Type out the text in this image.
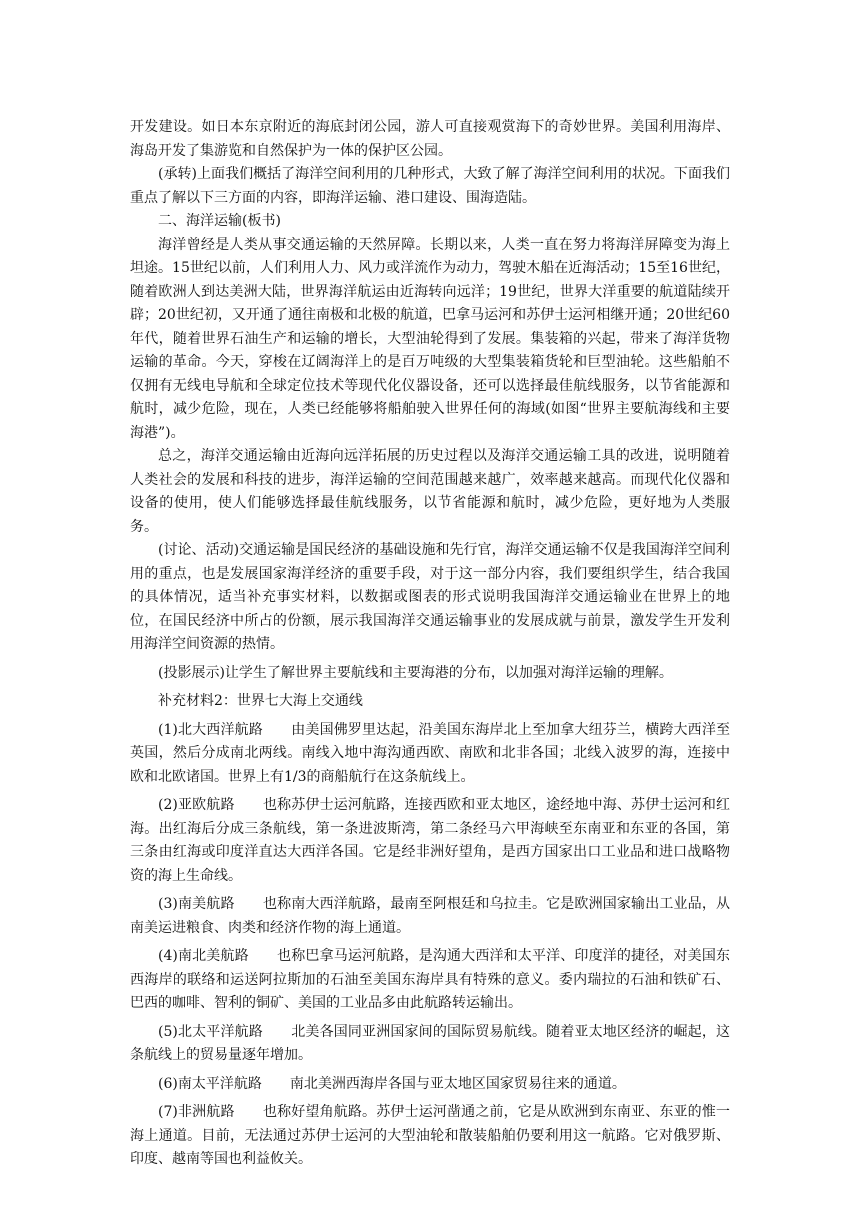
开发建设。如日本东京附近的海底封闭公园，游人可直接观赏海下的奇妙世界。美国利用海岸、海岛开发了集游览和自然保护为一体的保护区公园。

(承转)上面我们概括了海洋空间利用的几种形式，大致了解了海洋空间利用的状况。下面我们重点了解以下三方面的内容，即海洋运输、港口建设、围海造陆。

二、海洋运输(板书)

海洋曾经是人类从事交通运输的天然屏障。长期以来，人类一直在努力将海洋屏障变为海上坦途。15世纪以前，人们利用人力、风力或洋流作为动力，驾驶木船在近海活动；15至16世纪，随着欧洲人到达美洲大陆，世界海洋航运由近海转向远洋；19世纪，世界大洋重要的航道陆续开辟；20世纪初，又开通了通往南极和北极的航道，巴拿马运河和苏伊士运河相继开通；20世纪60年代，随着世界石油生产和运输的增长，大型油轮得到了发展。集装箱的兴起，带来了海洋货物运输的革命。今天，穿梭在辽阔海洋上的是百万吨级的大型集装箱货轮和巨型油轮。这些船舶不仅拥有无线电导航和全球定位技术等现代化仪器设备，还可以选择最佳航线服务，以节省能源和航时，减少危险，现在，人类已经能够将船舶驶入世界任何的海域(如图“世界主要航海线和主要海港”)。

总之，海洋交通运输由近海向远洋拓展的历史过程以及海洋交通运输工具的改进，说明随着人类社会的发展和科技的进步，海洋运输的空间范围越来越广，效率越来越高。而现代化仪器和设备的使用，使人们能够选择最佳航线服务，以节省能源和航时，减少危险，更好地为人类服务。

(讨论、活动)交通运输是国民经济的基础设施和先行官，海洋交通运输不仅是我国海洋空间利用的重点，也是发展国家海洋经济的重要手段，对于这一部分内容，我们要组织学生，结合我国的具体情况，适当补充事实材料，以数据或图表的形式说明我国海洋交通运输业在世界上的地位，在国民经济中所占的份额，展示我国海洋交通运输事业的发展成就与前景，激发学生开发利用海洋空间资源的热情。

(投影展示)让学生了解世界主要航线和主要海港的分布，以加强对海洋运输的理解。

补充材料2：世界七大海上交通线

(1)北大西洋航路　　 由美国佛罗里达起，沿美国东海岸北上至加拿大纽芬兰，横跨大西洋至英国，然后分成南北两线。南线入地中海沟通西欧、南欧和北非各国；北线入波罗的海，连接中欧和北欧诸国。世界上有1/3的商船航行在这条航线上。

(2)亚欧航路　　 也称苏伊士运河航路，连接西欧和亚太地区，途经地中海、苏伊士运河和红海。出红海后分成三条航线，第一条进波斯湾，第二条经马六甲海峡至东南亚和东亚的各国，第三条由红海或印度洋直达大西洋各国。它是经非洲好望角，是西方国家出口工业品和进口战略物资的海上生命线。

(3)南美航路　　 也称南大西洋航路，最南至阿根廷和乌拉圭。它是欧洲国家输出工业品，从南美运进粮食、肉类和经济作物的海上通道。

(4)南北美航路　　 也称巴拿马运河航路，是沟通大西洋和太平洋、印度洋的捷径，对美国东西海岸的联络和运送阿拉斯加的石油至美国东海岸具有特殊的意义。委内瑞拉的石油和铁矿石、巴西的咖啡、智利的铜矿、美国的工业品多由此航路转运输出。

(5)北太平洋航路　　 北美各国同亚洲国家间的国际贸易航线。随着亚太地区经济的崛起，这条航线上的贸易量逐年增加。

(6)南太平洋航路　　 南北美洲西海岸各国与亚太地区国家贸易往来的通道。

(7)非洲航路　　 也称好望角航路。苏伊士运河凿通之前，它是从欧洲到东南亚、东亚的惟一海上通道。目前，无法通过苏伊士运河的大型油轮和散装船舶仍要利用这一航路。它对俄罗斯、印度、越南等国也利益攸关。
